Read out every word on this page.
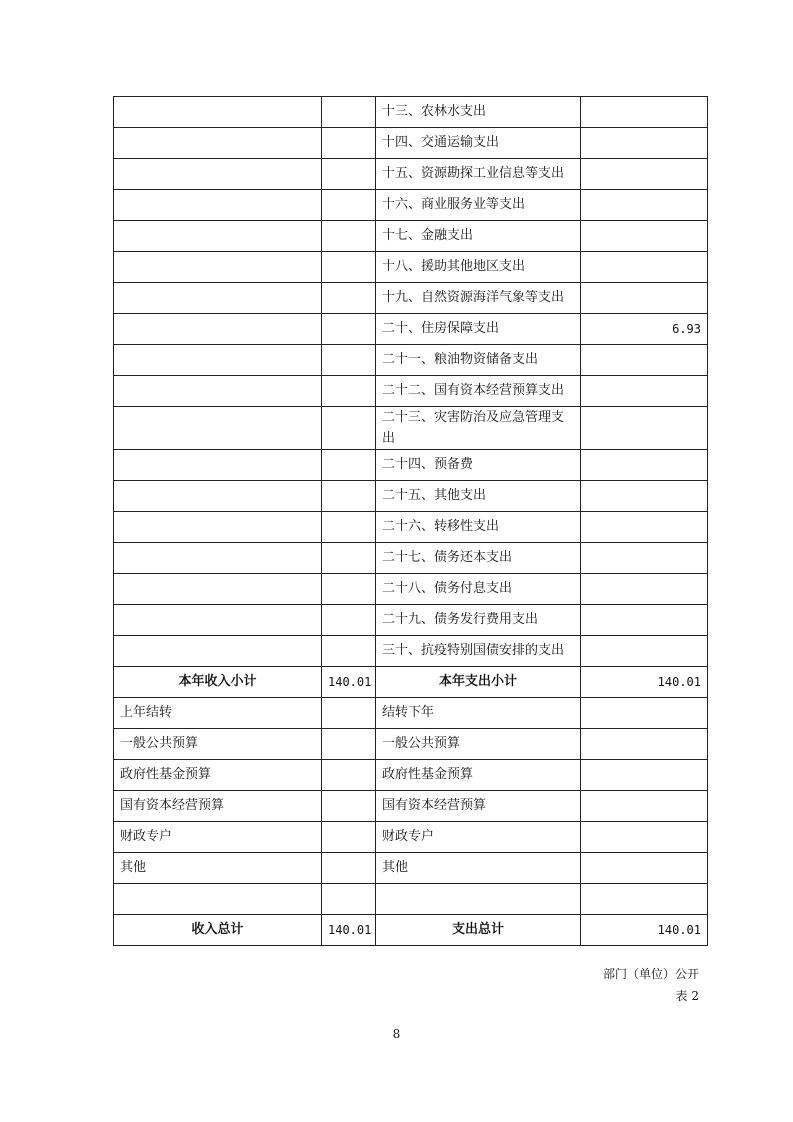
		十三、农林水支出	
		十四、交通运输支出	
		十五、资源勘探工业信息等支出	
		十六、商业服务业等支出	
		十七、金融支出	
		十八、援助其他地区支出	
		十九、自然资源海洋气象等支出	
		二十、住房保障支出	6.93
		二十一、粮油物资储备支出	
		二十二、国有资本经营预算支出	
		二十三、灾害防治及应急管理支出	
		二十四、预备费	
		二十五、其他支出	
		二十六、转移性支出	
		二十七、债务还本支出	
		二十八、债务付息支出	
		二十九、债务发行费用支出	
		三十、抗疫特别国债安排的支出	
本年收入小计	140.01	本年支出小计	140.01
上年结转		结转下年	
一般公共预算		一般公共预算	
政府性基金预算		政府性基金预算	
国有资本经营预算		国有资本经营预算	
财政专户		财政专户	
其他		其他	

收入总计	140.01	支出总计	140.01
部门（单位）公开
表 2
8
